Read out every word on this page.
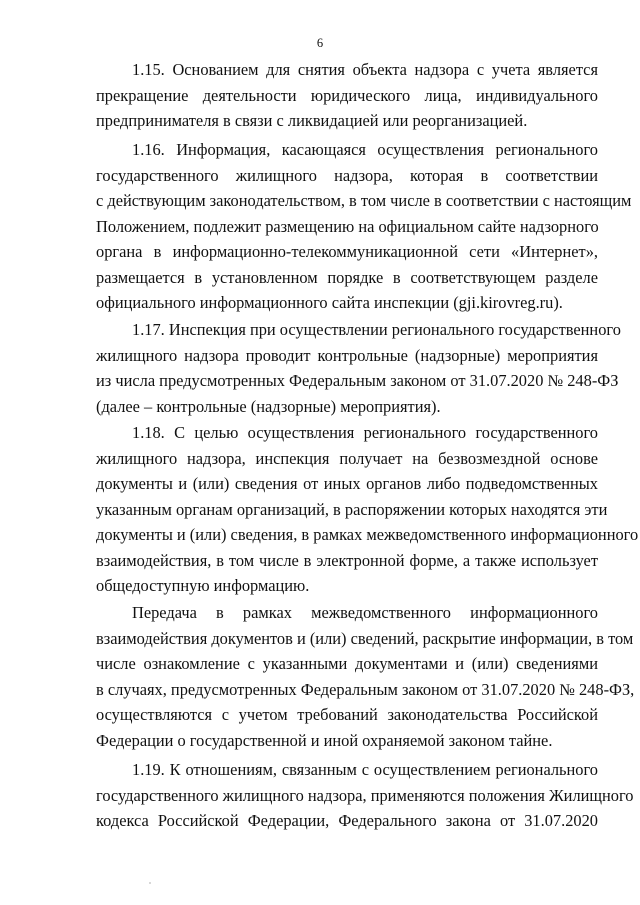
6
1.15. Основанием для снятия объекта надзора с учета является
прекращение деятельности юридического лица, индивидуального
предпринимателя в связи с ликвидацией или реорганизацией.
1.16. Информация, касающаяся осуществления регионального
государственного жилищного надзора, которая в соответствии
с действующим законодательством, в том числе в соответствии с настоящим
Положением, подлежит размещению на официальном сайте надзорного
органа в информационно-телекоммуникационной сети «Интернет»,
размещается в установленном порядке в соответствующем разделе
официального информационного сайта инспекции (gji.kirovreg.ru).
1.17. Инспекция при осуществлении регионального государственного
жилищного надзора проводит контрольные (надзорные) мероприятия
из числа предусмотренных Федеральным законом от 31.07.2020 № 248-ФЗ
(далее – контрольные (надзорные) мероприятия).
1.18. С целью осуществления регионального государственного
жилищного надзора, инспекция получает на безвозмездной основе
документы и (или) сведения от иных органов либо подведомственных
указанным органам организаций, в распоряжении которых находятся эти
документы и (или) сведения, в рамках межведомственного информационного
взаимодействия, в том числе в электронной форме, а также использует
общедоступную информацию.
Передача в рамках межведомственного информационного
взаимодействия документов и (или) сведений, раскрытие информации, в том
числе ознакомление с указанными документами и (или) сведениями
в случаях, предусмотренных Федеральным законом от 31.07.2020 № 248-ФЗ,
осуществляются с учетом требований законодательства Российской
Федерации о государственной и иной охраняемой законом тайне.
1.19. К отношениям, связанным с осуществлением регионального
государственного жилищного надзора, применяются положения Жилищного
кодекса Российской Федерации, Федерального закона от 31.07.2020
